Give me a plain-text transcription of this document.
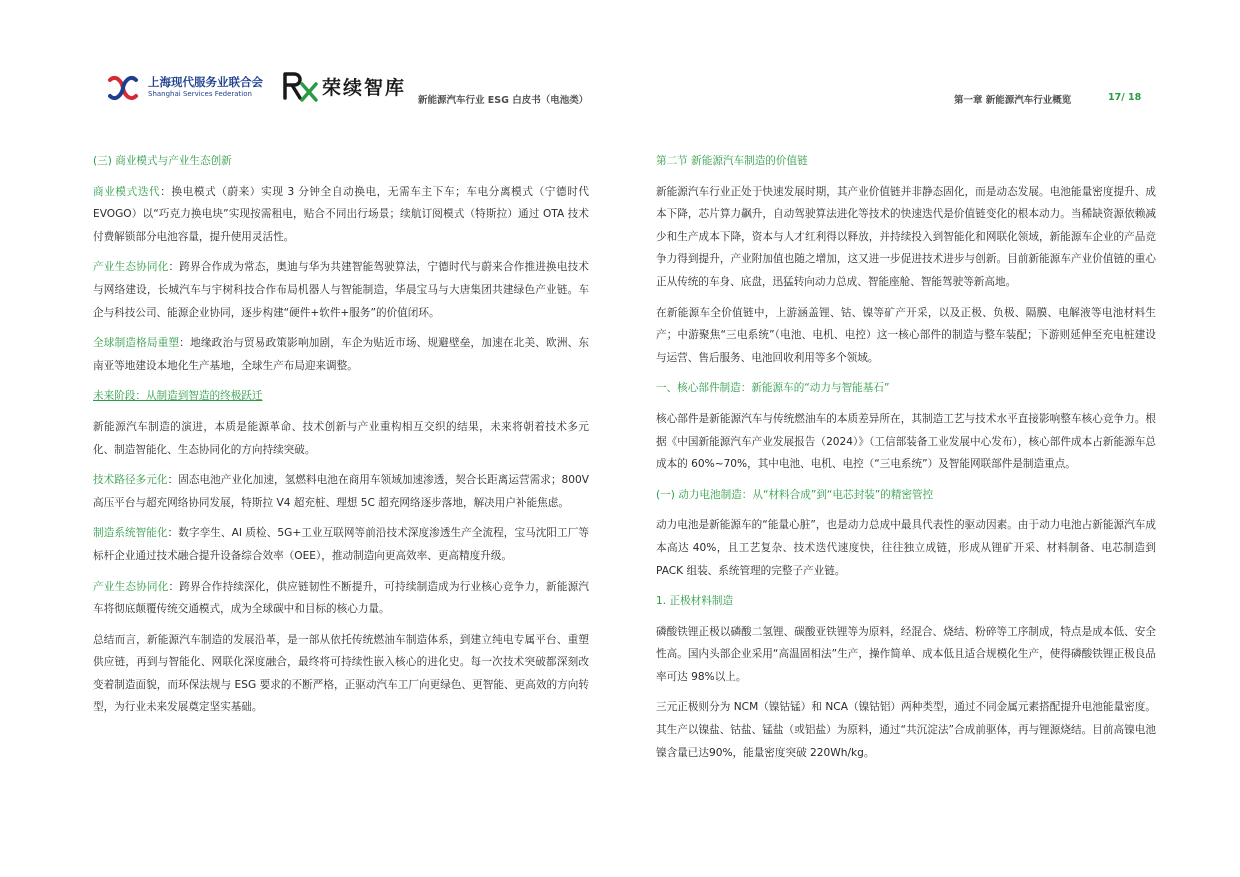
上海现代服务业联合会
Shanghai Services Federation	荣续智库
新能源汽车行业 ESG 白皮书（电池类）	第一章 新能源汽车行业概览	17/ 18

(三) 商业模式与产业生态创新

商业模式迭代：换电模式（蔚来）实现 3 分钟全自动换电，无需车主下车；车电分离模式（宁德时代 EVOGO）以“巧克力换电块”实现按需租电，贴合不同出行场景；续航订阅模式（特斯拉）通过 OTA 技术付费解锁部分电池容量，提升使用灵活性。

产业生态协同化：跨界合作成为常态，奥迪与华为共建智能驾驶算法，宁德时代与蔚来合作推进换电技术与网络建设，长城汽车与宇树科技合作布局机器人与智能制造，华晨宝马与大唐集团共建绿色产业链。车企与科技公司、能源企业协同，逐步构建“硬件+软件+服务”的价值闭环。

全球制造格局重塑：地缘政治与贸易政策影响加剧，车企为贴近市场、规避壁垒，加速在北美、欧洲、东南亚等地建设本地化生产基地，全球生产布局迎来调整。

未来阶段：从制造到智造的终极跃迁

新能源汽车制造的演进，本质是能源革命、技术创新与产业重构相互交织的结果，未来将朝着技术多元化、制造智能化、生态协同化的方向持续突破。

技术路径多元化：固态电池产业化加速，氢燃料电池在商用车领域加速渗透，契合长距离运营需求；800V 高压平台与超充网络协同发展，特斯拉 V4 超充桩、理想 5C 超充网络逐步落地，解决用户补能焦虑。

制造系统智能化：数字孪生、AI 质检、5G+工业互联网等前沿技术深度渗透生产全流程，宝马沈阳工厂等标杆企业通过技术融合提升设备综合效率（OEE），推动制造向更高效率、更高精度升级。

产业生态协同化：跨界合作持续深化，供应链韧性不断提升，可持续制造成为行业核心竞争力，新能源汽车将彻底颠覆传统交通模式，成为全球碳中和目标的核心力量。

总结而言，新能源汽车制造的发展沿革，是一部从依托传统燃油车制造体系，到建立纯电专属平台、重塑供应链，再到与智能化、网联化深度融合，最终将可持续性嵌入核心的进化史。每一次技术突破都深刻改变着制造面貌，而环保法规与 ESG 要求的不断严格，正驱动汽车工厂向更绿色、更智能、更高效的方向转型，为行业未来发展奠定坚实基础。

第二节 新能源汽车制造的价值链

新能源汽车行业正处于快速发展时期，其产业价值链并非静态固化，而是动态发展。电池能量密度提升、成本下降，芯片算力飙升，自动驾驶算法进化等技术的快速迭代是价值链变化的根本动力。当稀缺资源依赖减少和生产成本下降，资本与人才红利得以释放，并持续投入到智能化和网联化领域，新能源车企业的产品竞争力得到提升，产业附加值也随之增加，这又进一步促进技术进步与创新。目前新能源车产业价值链的重心正从传统的车身、底盘，迅猛转向动力总成、智能座舱、智能驾驶等新高地。

在新能源车全价值链中，上游涵盖锂、钴、镍等矿产开采，以及正极、负极、隔膜、电解液等电池材料生产；中游聚焦“三电系统”（电池、电机、电控）这一核心部件的制造与整车装配；下游则延伸至充电桩建设与运营、售后服务、电池回收利用等多个领域。

一、核心部件制造：新能源车的“动力与智能基石”

核心部件是新能源汽车与传统燃油车的本质差异所在，其制造工艺与技术水平直接影响整车核心竞争力。根据《中国新能源汽车产业发展报告（2024）》（工信部装备工业发展中心发布），核心部件成本占新能源车总成本的 60%~70%，其中电池、电机、电控（“三电系统”）及智能网联部件是制造重点。

(一) 动力电池制造：从“材料合成”到“电芯封装”的精密管控

动力电池是新能源车的“能量心脏”，也是动力总成中最具代表性的驱动因素。由于动力电池占新能源汽车成本高达 40%，且工艺复杂、技术迭代速度快，往往独立成链，形成从锂矿开采、材料制备、电芯制造到 PACK 组装、系统管理的完整子产业链。

1. 正极材料制造

磷酸铁锂正极以磷酸二氢锂、碳酸亚铁锂等为原料，经混合、烧结、粉碎等工序制成，特点是成本低、安全性高。国内头部企业采用“高温固相法”生产，操作简单、成本低且适合规模化生产，使得磷酸铁锂正极良品率可达 98%以上。

三元正极则分为 NCM（镍钴锰）和 NCA（镍钴铝）两种类型，通过不同金属元素搭配提升电池能量密度。其生产以镍盐、钴盐、锰盐（或铝盐）为原料，通过“共沉淀法”合成前驱体，再与锂源烧结。目前高镍电池镍含量已达90%，能量密度突破 220Wh/kg。
